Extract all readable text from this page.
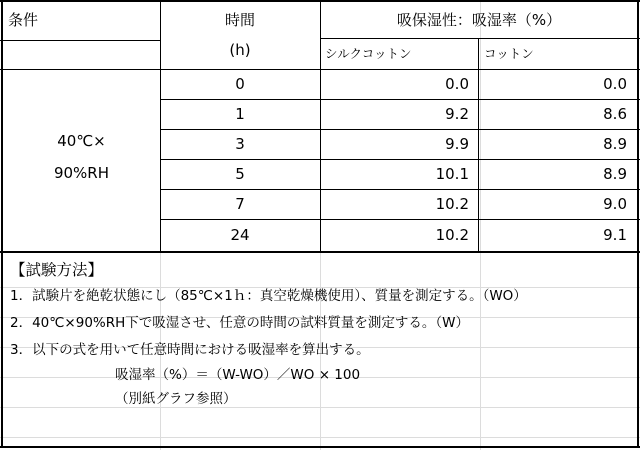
条件	時間
(h)
吸保湿性：吸湿率（%）
シルクコットン	コットン
40℃×
90%RH
0	0.0	0.0
1	9.2	8.6
3	9.9	8.9
5	10.1	8.9
7	10.2	9.0
24	10.2	9.1
【試験方法】
1．試験片を絶乾状態にし（85℃×1ｈ：真空乾燥機使用）、質量を測定する。（WO）
2．40℃×90%RH下で吸湿させ、任意の時間の試料質量を測定する。（W）
3．以下の式を用いて任意時間における吸湿率を算出する。
吸湿率（%）＝（W-WO）／WO × 100
（別紙グラフ参照）
